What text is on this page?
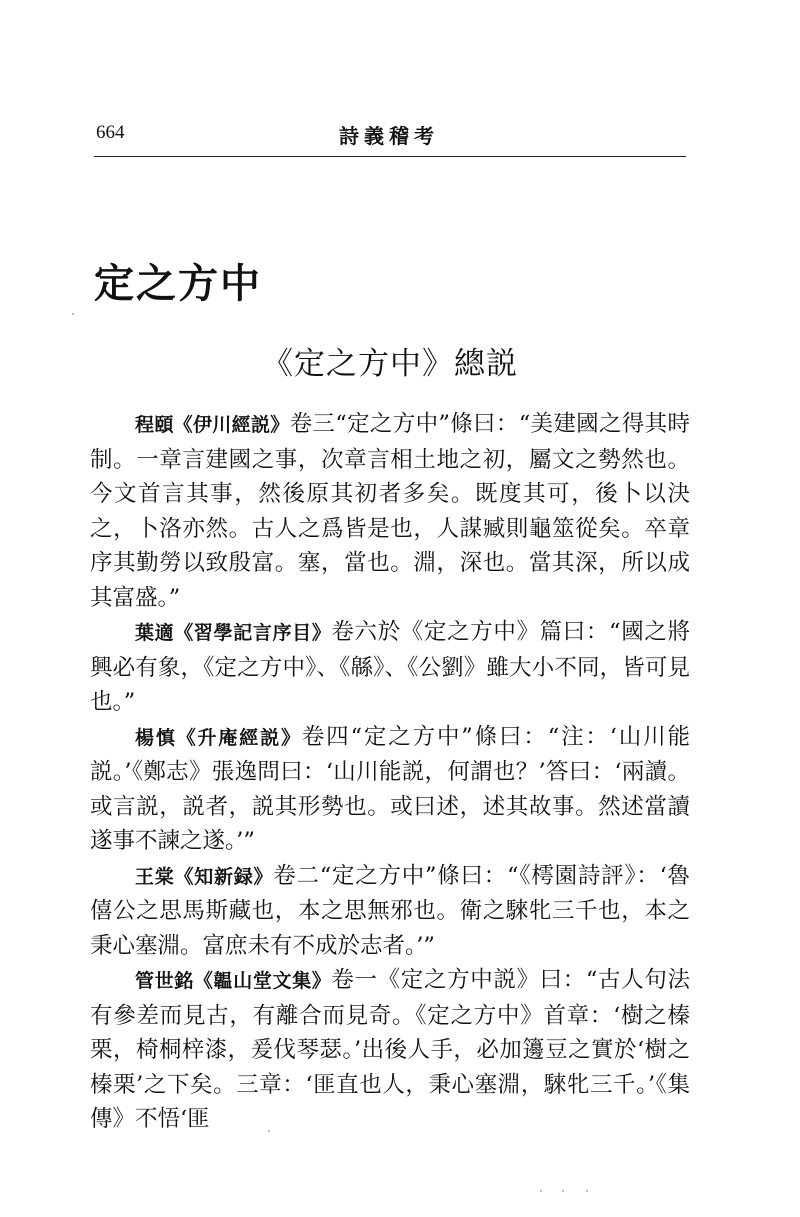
664	詩義稽考
定之方中
《定之方中》總説

程頤《伊川經説》卷三“定之方中”條曰：“美建國之得其時制。一章言建國之事，次章言相土地之初，屬文之勢然也。今文首言其事，然後原其初者多矣。既度其可，後卜以決之，卜洛亦然。古人之爲皆是也，人謀臧則龜筮從矣。卒章序其勤勞以致殷富。塞，當也。淵，深也。當其深，所以成其富盛。”

葉適《習學記言序目》卷六於《定之方中》篇曰：“國之將興必有象，《定之方中》、《緜》、《公劉》雖大小不同，皆可見也。”

楊慎《升庵經説》卷四“定之方中”條曰：“注：‘山川能説。’《鄭志》張逸問曰：‘山川能説，何謂也？’答曰：‘兩讀。或言説，説者，説其形勢也。或曰述，述其故事。然述當讀遂事不諫之遂。’”

王棠《知新録》卷二“定之方中”條曰：“《樗園詩評》：‘魯僖公之思馬斯藏也，本之思無邪也。衛之騋牝三千也，本之秉心塞淵。富庶未有不成於志者。’”

管世銘《韞山堂文集》卷一《定之方中説》曰：“古人句法有參差而見古，有離合而見奇。《定之方中》首章：‘樹之榛栗，椅桐梓漆，爰伐琴瑟。’出後人手，必加籩豆之實於‘樹之榛栗’之下矣。三章：‘匪直也人，秉心塞淵，騋牝三千。’《集傳》不悟‘匪
